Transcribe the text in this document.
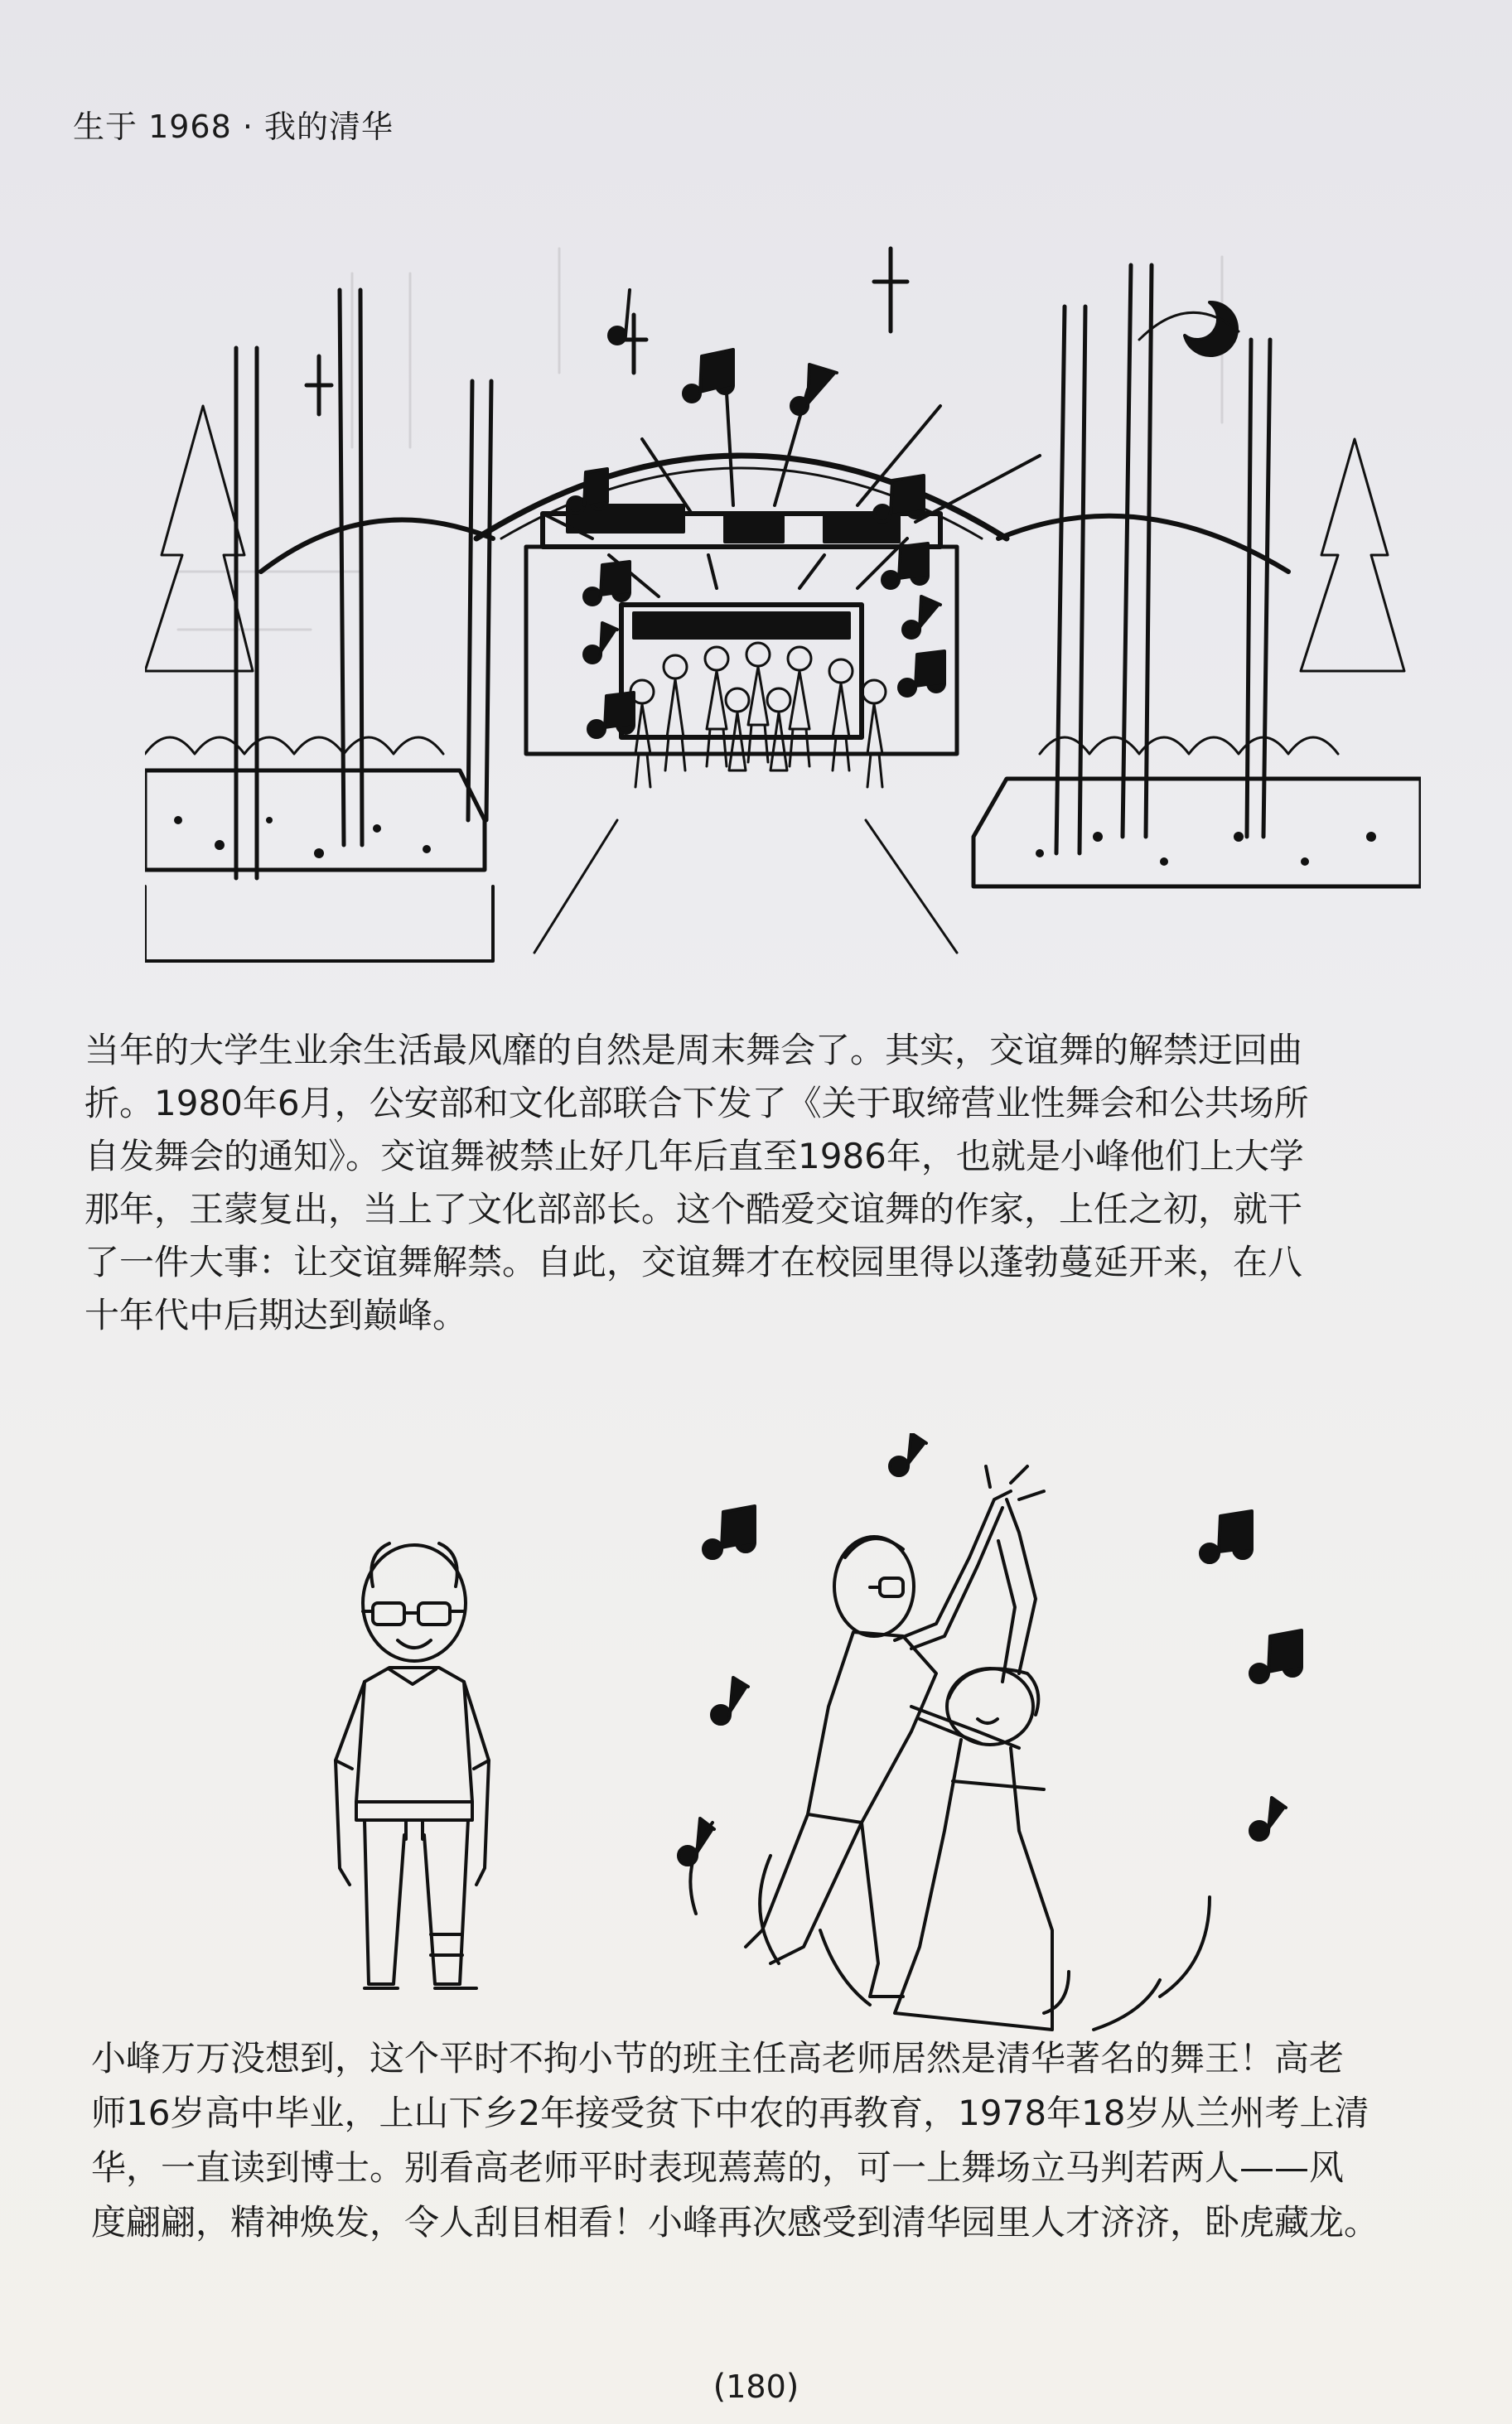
生于 1968 · 我的清华

当年的大学生业余生活最风靡的自然是周末舞会了。其实，交谊舞的解禁迂回曲

折。1980年6月，公安部和文化部联合下发了《关于取缔营业性舞会和公共场所

自发舞会的通知》。交谊舞被禁止好几年后直至1986年，也就是小峰他们上大学

那年，王蒙复出，当上了文化部部长。这个酷爱交谊舞的作家，上任之初，就干

了一件大事：让交谊舞解禁。自此，交谊舞才在校园里得以蓬勃蔓延开来，在八

十年代中后期达到巅峰。

小峰万万没想到，这个平时不拘小节的班主任高老师居然是清华著名的舞王！高老

师16岁高中毕业，上山下乡2年接受贫下中农的再教育，1978年18岁从兰州考上清

华，一直读到博士。别看高老师平时表现蔫蔫的，可一上舞场立马判若两人——风

度翩翩，精神焕发，令人刮目相看！小峰再次感受到清华园里人才济济，卧虎藏龙。

(180)
